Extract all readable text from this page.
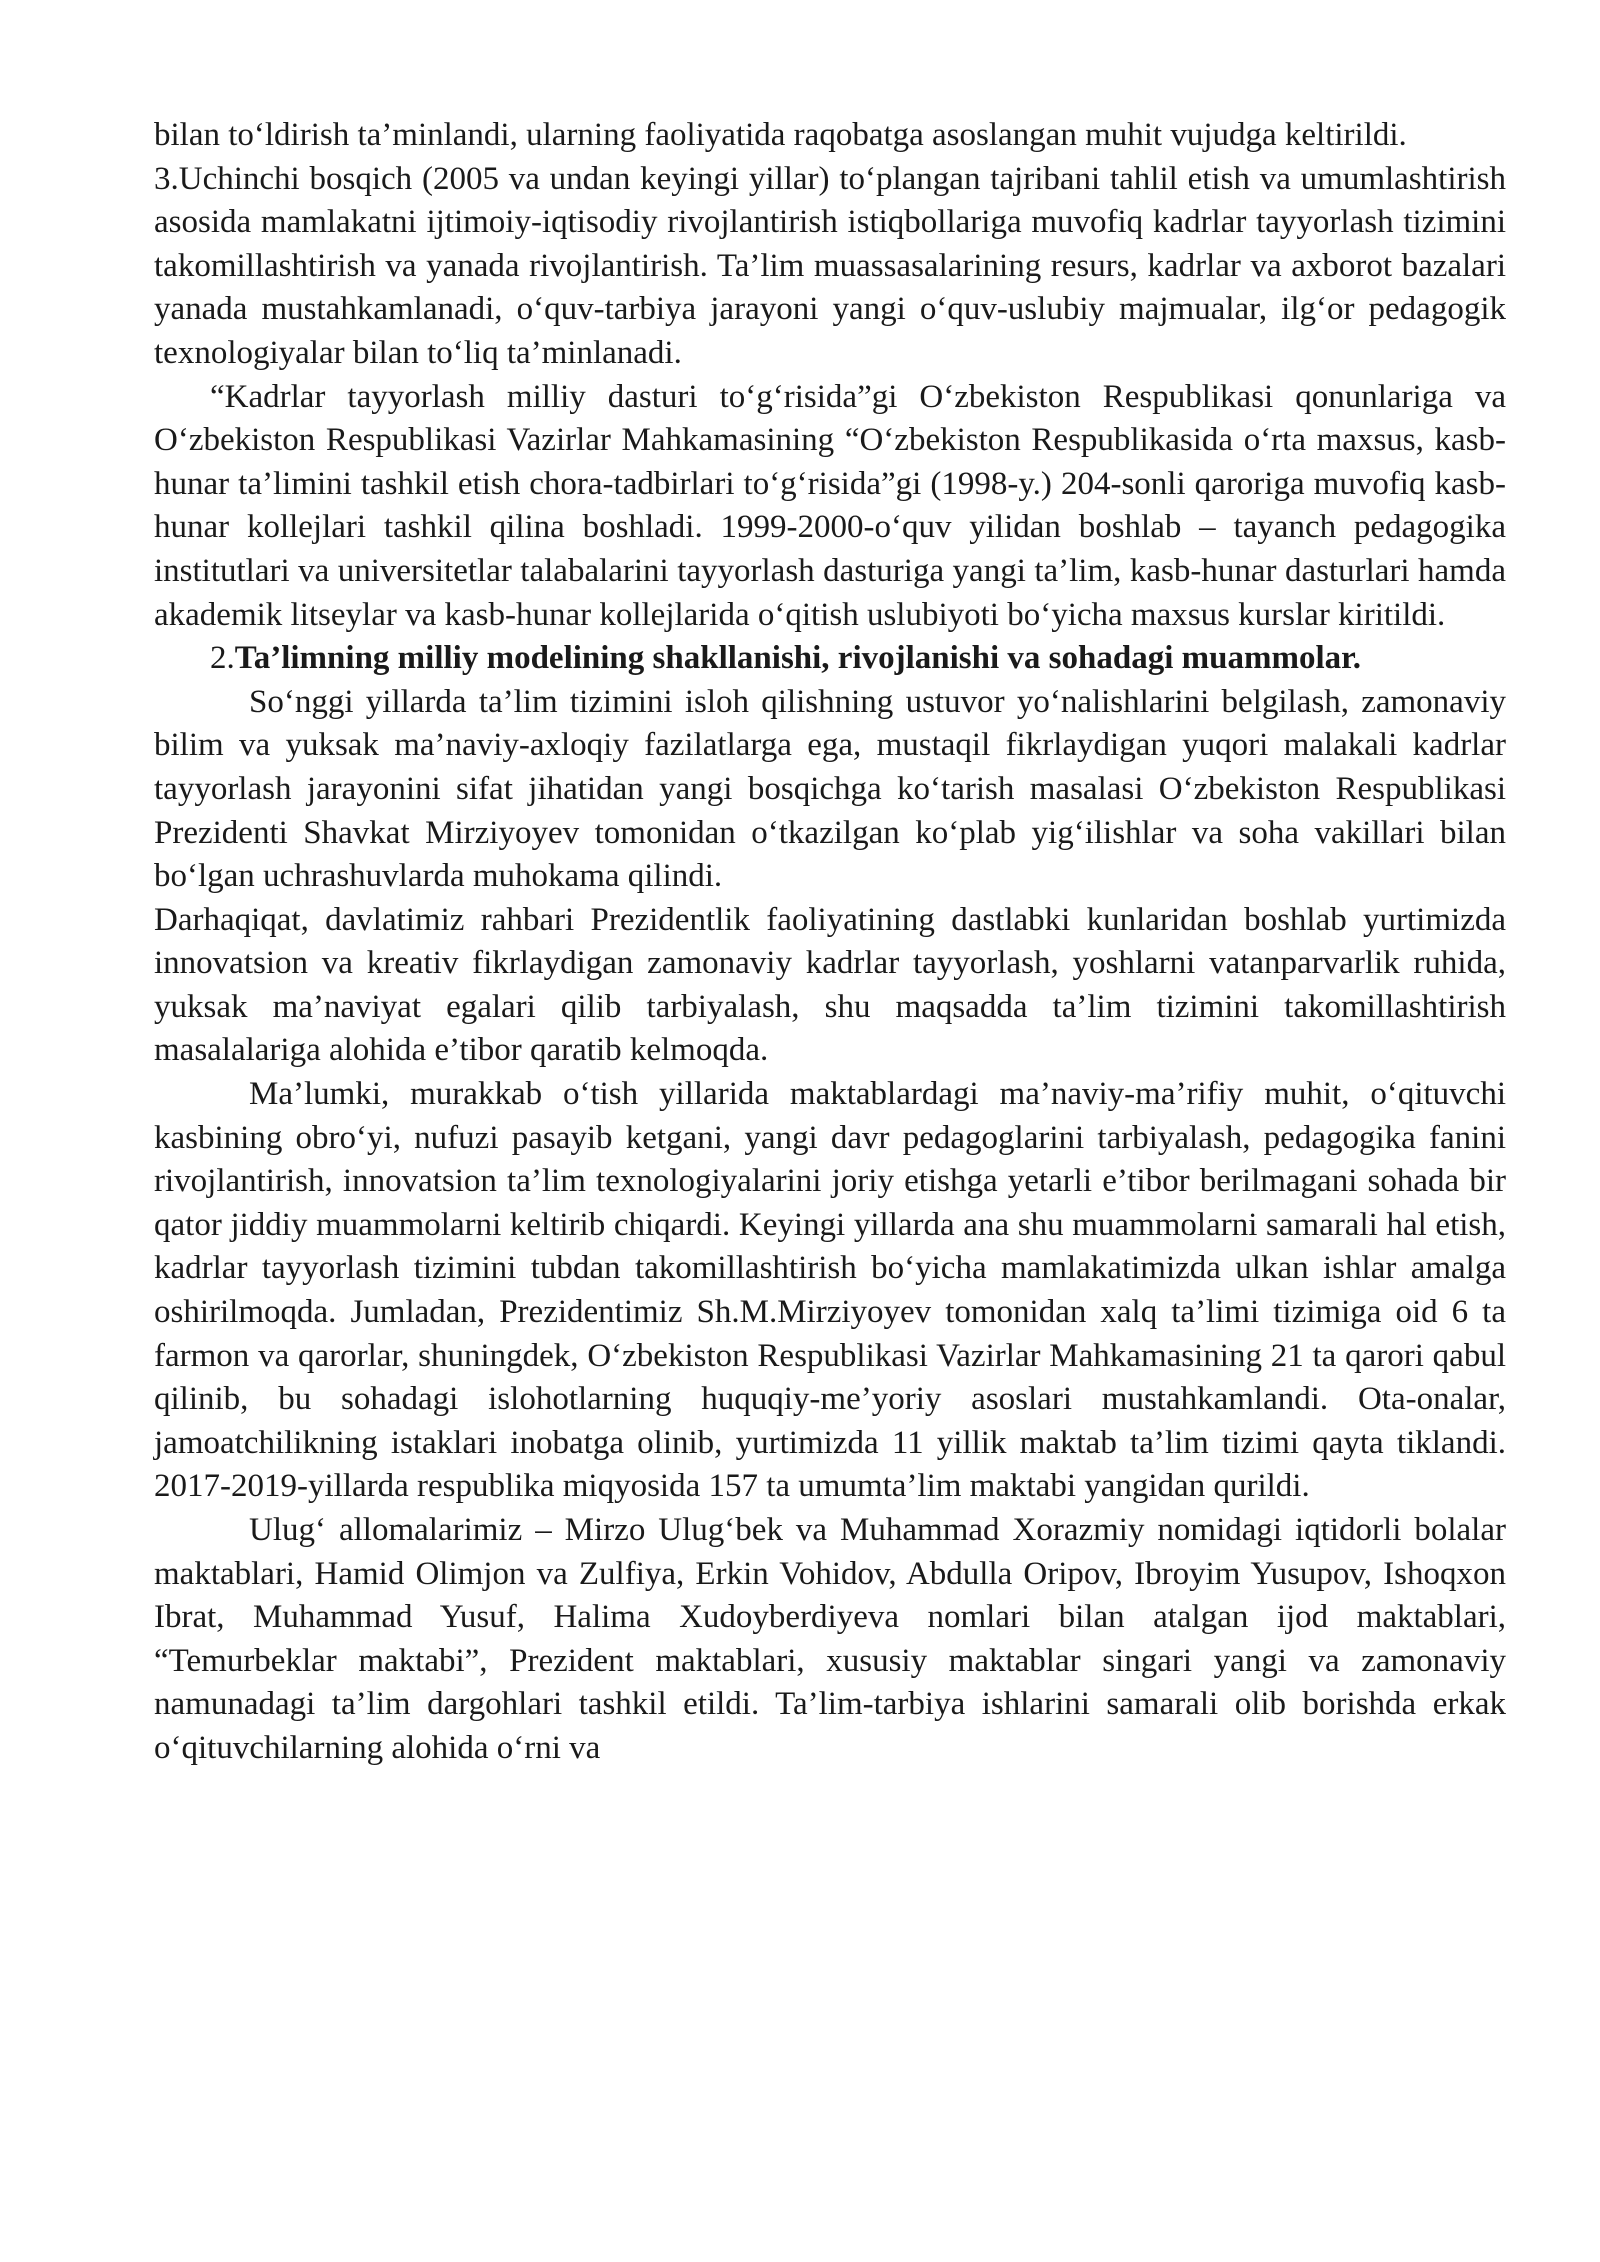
bilan to‘ldirish ta’minlandi, ularning faoliyatida raqobatga asoslangan muhit vujudga keltirildi.

3.Uchinchi bosqich (2005 va undan keyingi yillar) to‘plangan tajribani tahlil etish va umumlashtirish asosida mamlakatni ijtimoiy-iqtisodiy rivojlantirish istiqbollariga muvofiq kadrlar tayyorlash tizimini takomillashtirish va yanada rivojlantirish. Ta’lim muassasalarining resurs, kadrlar va axborot bazalari yanada mustahkamlanadi, o‘quv-tarbiya jarayoni yangi o‘quv-uslubiy majmualar, ilg‘or pedagogik texnologiyalar bilan to‘liq ta’minlanadi.

“Kadrlar tayyorlash milliy dasturi to‘g‘risida”gi O‘zbekiston Respublikasi qonunlariga va O‘zbekiston Respublikasi Vazirlar Mahkamasining “O‘zbekiston Respublikasida o‘rta maxsus, kasb-hunar ta’limini tashkil etish chora-tadbirlari to‘g‘risida”gi (1998-y.) 204-sonli qaroriga muvofiq kasb-hunar kollejlari tashkil qilina boshladi. 1999-2000-o‘quv yilidan boshlab – tayanch pedagogika institutlari va universitetlar talabalarini tayyorlash dasturiga yangi ta’lim, kasb-hunar dasturlari hamda akademik litseylar va kasb-hunar kollejlarida o‘qitish uslubiyoti bo‘yicha maxsus kurslar kiritildi.

2.Ta’limning milliy modelining shakllanishi, rivojlanishi va sohadagi muammolar.

So‘nggi yillarda ta’lim tizimini isloh qilishning ustuvor yo‘nalishlarini belgilash, zamonaviy bilim va yuksak ma’naviy-axloqiy fazilatlarga ega, mustaqil fikrlaydigan yuqori malakali kadrlar tayyorlash jarayonini sifat jihatidan yangi bosqichga ko‘tarish masalasi O‘zbekiston Respublikasi Prezidenti Shavkat Mirziyoyev tomonidan o‘tkazilgan ko‘plab yig‘ilishlar va soha vakillari bilan bo‘lgan uchrashuvlarda muhokama qilindi.

Darhaqiqat, davlatimiz rahbari Prezidentlik faoliyatining dastlabki kunlaridan boshlab yurtimizda innovatsion va kreativ fikrlaydigan zamonaviy kadrlar tayyorlash, yoshlarni vatanparvarlik ruhida, yuksak ma’naviyat egalari qilib tarbiyalash, shu maqsadda ta’lim tizimini takomillashtirish masalalariga alohida e’tibor qaratib kelmoqda.

Ma’lumki, murakkab o‘tish yillarida maktablardagi ma’naviy-ma’rifiy muhit, o‘qituvchi kasbining obro‘yi, nufuzi pasayib ketgani, yangi davr pedagoglarini tarbiyalash, pedagogika fanini rivojlantirish, innovatsion ta’lim texnologiyalarini joriy etishga yetarli e’tibor berilmagani sohada bir qator jiddiy muammolarni keltirib chiqardi. Keyingi yillarda ana shu muammolarni samarali hal etish, kadrlar tayyorlash tizimini tubdan takomillashtirish bo‘yicha mamlakatimizda ulkan ishlar amalga oshirilmoqda. Jumladan, Prezidentimiz Sh.M.Mirziyoyev tomonidan xalq ta’limi tizimiga oid 6 ta farmon va qarorlar, shuningdek, O‘zbekiston Respublikasi Vazirlar Mahkamasining 21 ta qarori qabul qilinib, bu sohadagi islohotlarning huquqiy-me’yoriy asoslari mustahkamlandi. Ota-onalar, jamoatchilikning istaklari inobatga olinib, yurtimizda 11 yillik maktab ta’lim tizimi qayta tiklandi. 2017-2019-yillarda respublika miqyosida 157 ta umumta’lim maktabi yangidan qurildi.

Ulug‘ allomalarimiz – Mirzo Ulug‘bek va Muhammad Xorazmiy nomidagi iqtidorli bolalar maktablari, Hamid Olimjon va Zulfiya, Erkin Vohidov, Abdulla Oripov, Ibroyim Yusupov, Ishoqxon Ibrat, Muhammad Yusuf, Halima Xudoyberdiyeva nomlari bilan atalgan ijod maktablari, “Temurbeklar maktabi”, Prezident maktablari, xususiy maktablar singari yangi va zamonaviy namunadagi ta’lim dargohlari tashkil etildi. Ta’lim-tarbiya ishlarini samarali olib borishda erkak o‘qituvchilarning alohida o‘rni va
